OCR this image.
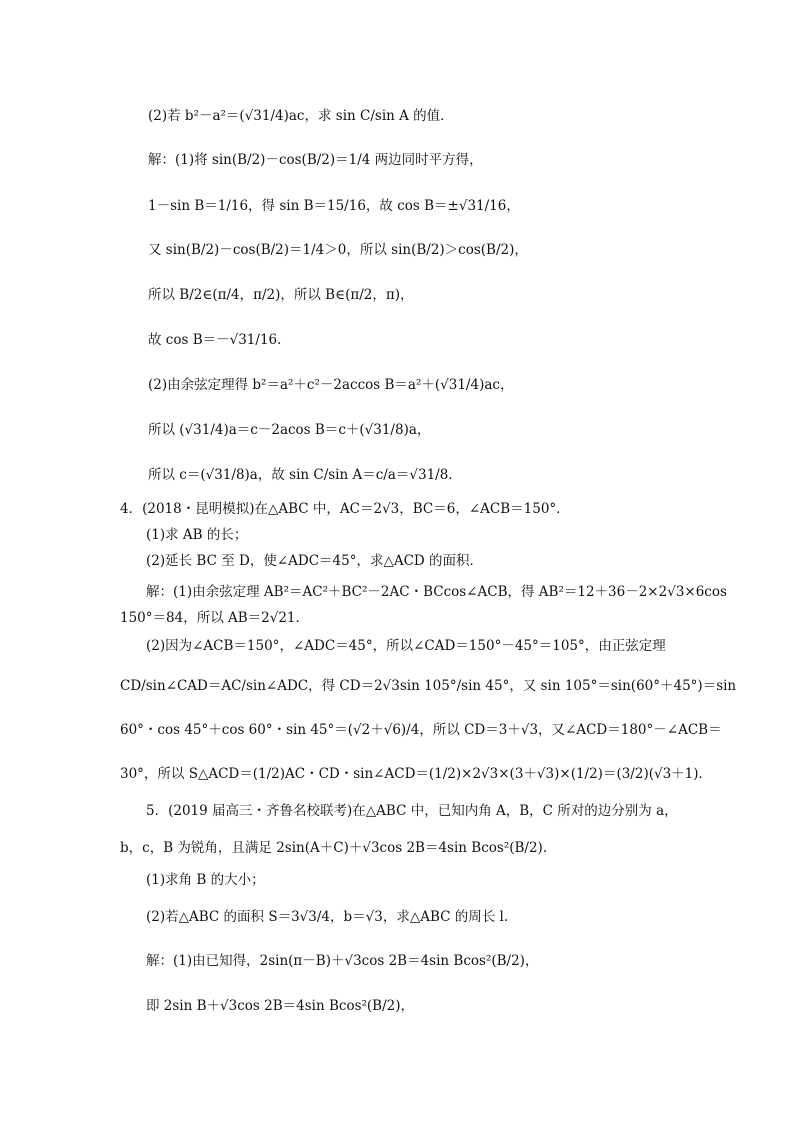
(2)若 b²－a²＝(√31/4)ac，求 sin C/sin A 的值．
解：(1)将 sin(B/2)－cos(B/2)＝1/4 两边同时平方得，
1－sin B＝1/16，得 sin B＝15/16，故 cos B＝±√31/16，
又 sin(B/2)－cos(B/2)＝1/4＞0，所以 sin(B/2)＞cos(B/2)，
所以 B/2∈(π/4，π/2)，所以 B∈(π/2，π)，
故 cos B＝－√31/16．
(2)由余弦定理得 b²＝a²＋c²－2accos B＝a²＋(√31/4)ac，
所以 (√31/4)a＝c－2acos B＝c＋(√31/8)a，
所以 c＝(√31/8)a，故 sin C/sin A＝c/a＝√31/8．
4．(2018・昆明模拟)在△ABC 中，AC＝2√3，BC＝6，∠ACB＝150°．
(1)求 AB 的长；
(2)延长 BC 至 D，使∠ADC＝45°，求△ACD 的面积．
解：(1)由余弦定理 AB²＝AC²＋BC²－2AC・BCcos∠ACB，得 AB²＝12＋36－2×2√3×6cos
150°＝84，所以 AB＝2√21.
(2)因为∠ACB＝150°，∠ADC＝45°，所以∠CAD＝150°－45°＝105°，由正弦定理
CD/sin∠CAD＝AC/sin∠ADC，得 CD＝2√3sin 105°/sin 45°，又 sin 105°＝sin(60°＋45°)＝sin
60°・cos 45°＋cos 60°・sin 45°＝(√2＋√6)/4，所以 CD＝3＋√3，又∠ACD＝180°－∠ACB＝
30°，所以 S△ACD＝(1/2)AC・CD・sin∠ACD＝(1/2)×2√3×(3＋√3)×(1/2)＝(3/2)(√3＋1)．
5．(2019 届高三・齐鲁名校联考)在△ABC 中，已知内角 A，B，C 所对的边分别为 a，
b，c，B 为锐角，且满足 2sin(A＋C)＋√3cos 2B＝4sin Bcos²(B/2).
(1)求角 B 的大小；
(2)若△ABC 的面积 S＝3√3/4，b＝√3，求△ABC 的周长 l.
解：(1)由已知得，2sin(π－B)＋√3cos 2B＝4sin Bcos²(B/2)，
即 2sin B＋√3cos 2B＝4sin Bcos²(B/2)，
